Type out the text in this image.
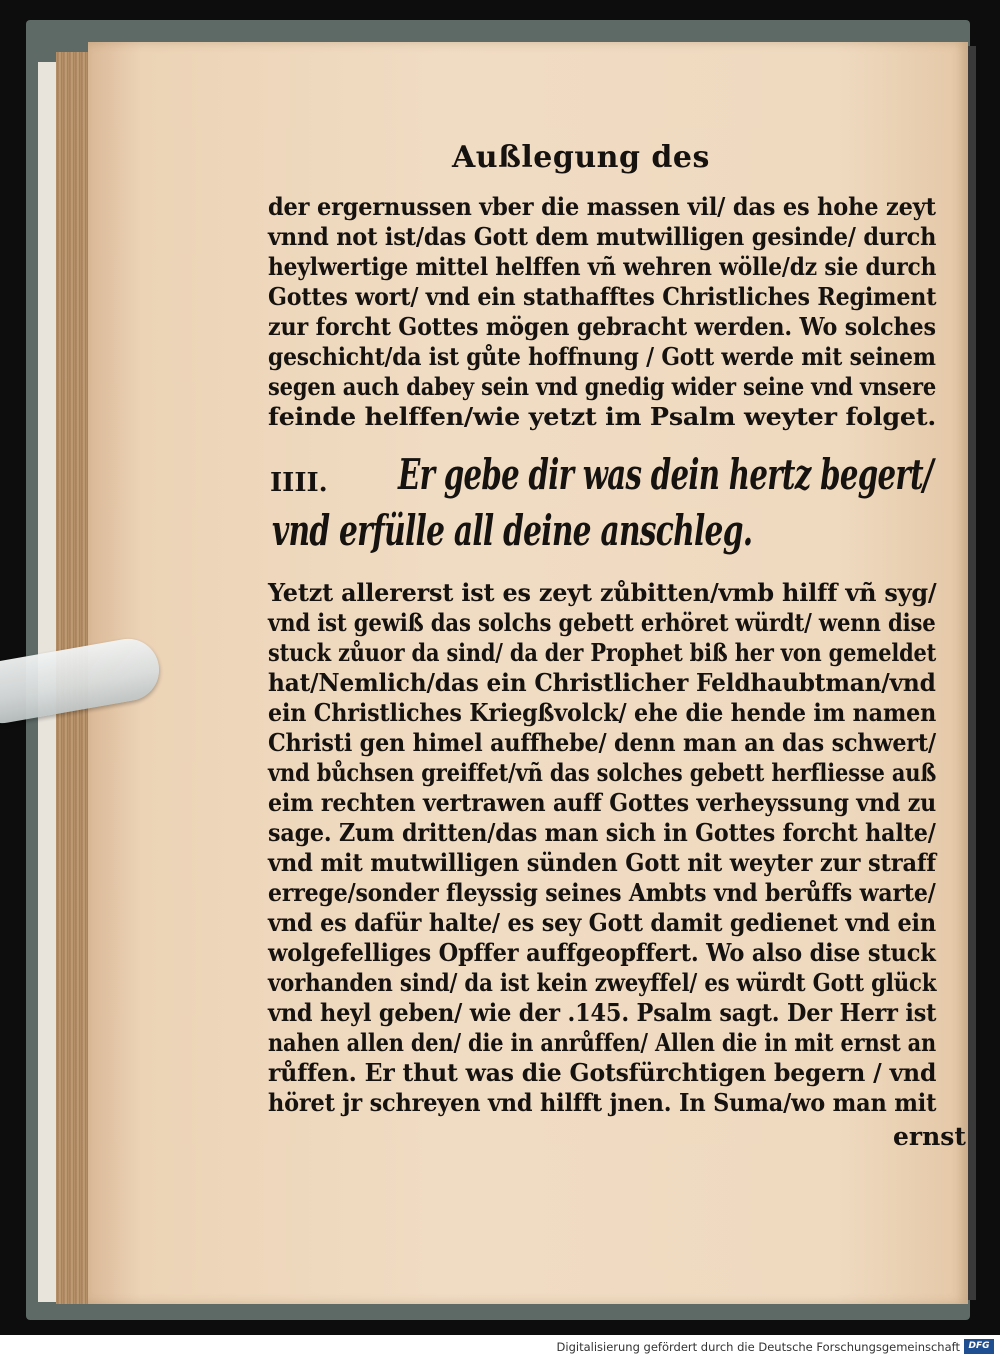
Außlegung des
der ergernussen vber die massen vil/ das es hohe zeyt
vnnd not ist/das Gott dem mutwilligen gesinde/ durch
heylwertige mittel helffen vñ wehren wölle/dz sie durch
Gottes wort/ vnd ein stathafftes Christliches Regiment
zur forcht Gottes mögen gebracht werden. Wo solches
geschicht/da ist gůte hoffnung / Gott werde mit seinem
segen auch dabey sein vnd gnedig wider seine vnd vnsere
feinde helffen/wie yetzt im Psalm weyter folget.
IIII. Er gebe dir was dein hertz begert/
vnd erfülle all deine anschleg.
Yetzt allererst ist es zeyt zůbitten/vmb hilff vñ syg/
vnd ist gewiß das solchs gebett erhöret würdt/ wenn dise
stuck zůuor da sind/ da der Prophet biß her von gemeldet
hat/Nemlich/das ein Christlicher Feldhaubtman/vnd
ein Christliches Kriegßvolck/ ehe die hende im namen
Christi gen himel auffhebe/ denn man an das schwert/
vnd bůchsen greiffet/vñ das solches gebett herfliesse auß
eim rechten vertrawen auff Gottes verheyssung vnd zu
sage. Zum dritten/das man sich in Gottes forcht halte/
vnd mit mutwilligen sünden Gott nit weyter zur straff
errege/sonder fleyssig seines Ambts vnd berůffs warte/
vnd es dafür halte/ es sey Gott damit gedienet vnd ein
wolgefelliges Opffer auffgeopffert. Wo also dise stuck
vorhanden sind/ da ist kein zweyffel/ es würdt Gott glück
vnd heyl geben/ wie der .145. Psalm sagt. Der Herr ist
nahen allen den/ die in anrůffen/ Allen die in mit ernst an
růffen. Er thut was die Gotsfürchtigen begern / vnd
höret jr schreyen vnd hilfft jnen. In Suma/wo man mit
ernst
Digitalisierung gefördert durch die Deutsche Forschungsgemeinschaft DFG
